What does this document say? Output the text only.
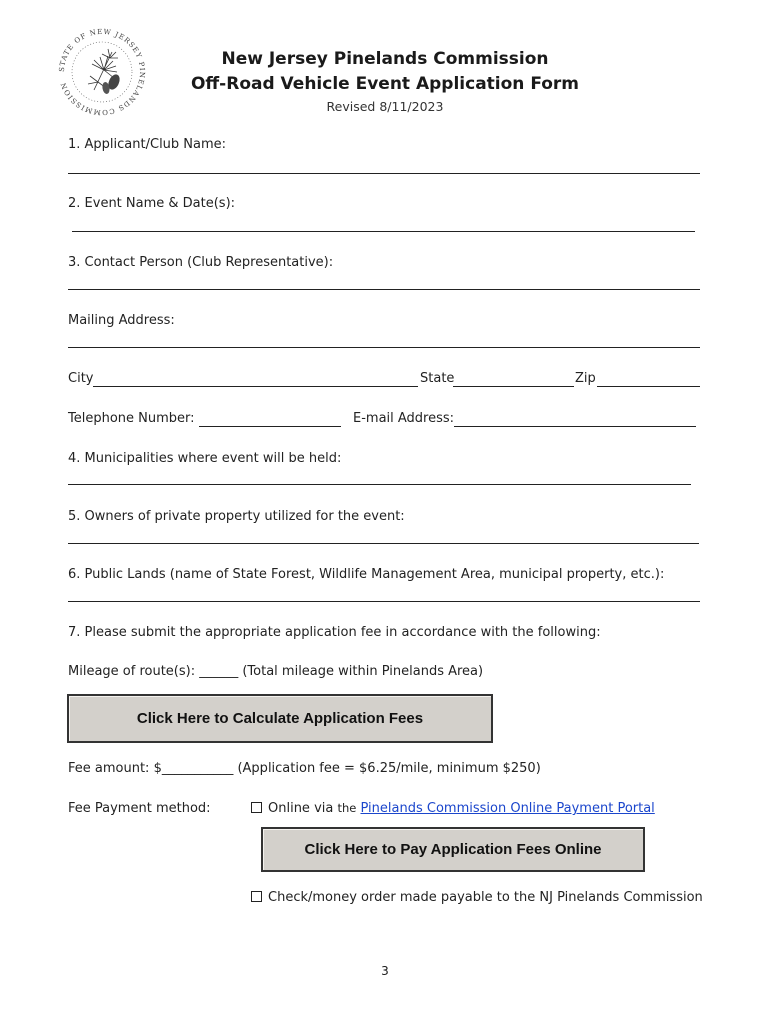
STATE OF NEW JERSEY PINELANDS COMMISSION
New Jersey Pinelands Commission
Off-Road Vehicle Event Application Form
Revised 8/11/2023
1. Applicant/Club Name:
2. Event Name & Date(s):
3. Contact Person (Club Representative):
Mailing Address:
City	State	Zip
Telephone Number:	E-mail Address:
4. Municipalities where event will be held:
5. Owners of private property utilized for the event:
6. Public Lands (name of State Forest, Wildlife Management Area, municipal property, etc.):
7. Please submit the appropriate application fee in accordance with the following:
Mileage of route(s): ______ (Total mileage within Pinelands Area)
Click Here to Calculate Application Fees
Fee amount: $___________ (Application fee = $6.25/mile, minimum $250)
Fee Payment method:	Online via the Pinelands Commission Online Payment Portal
Click Here to Pay Application Fees Online
Check/money order made payable to the NJ Pinelands Commission
3
